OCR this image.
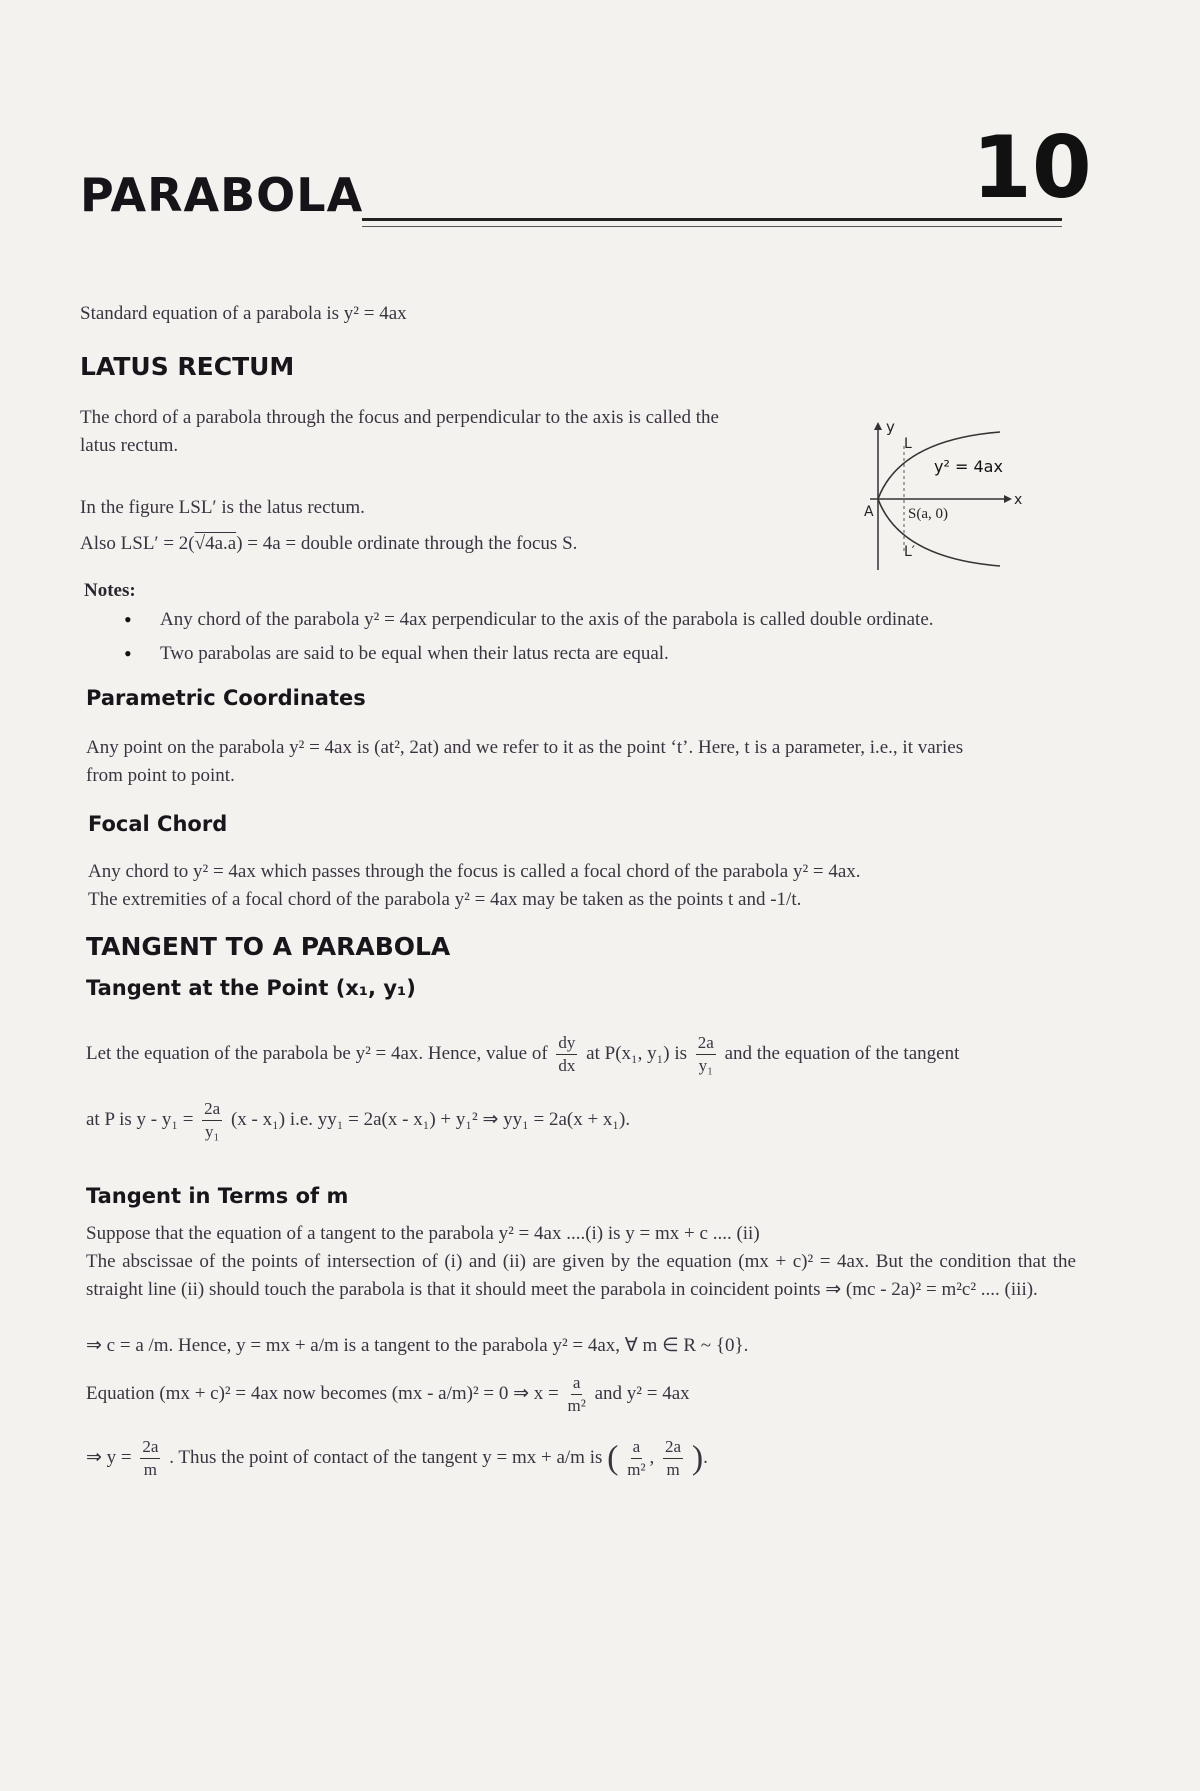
PARABOLA	10
Standard equation of a parabola is y² = 4ax
LATUS RECTUM
The chord of a parabola through the focus and perpendicular to the axis is called the
latus rectum.
In the figure LSL′ is the latus rectum.
Also LSL′ = 2(√4a.a) = 4a = double ordinate through the focus S.
y
L
y² = 4ax
x
A S(a, 0)
L′
Notes:
• Any chord of the parabola y² = 4ax perpendicular to the axis of the parabola is called double ordinate.
• Two parabolas are said to be equal when their latus recta are equal.
Parametric Coordinates
Any point on the parabola y² = 4ax is (at², 2at) and we refer to it as the point ‘t’. Here, t is a parameter, i.e., it varies
from point to point.
Focal Chord
Any chord to y² = 4ax which passes through the focus is called a focal chord of the parabola y² = 4ax.
The extremities of a focal chord of the parabola y² = 4ax may be taken as the points t and -1/t.
TANGENT TO A PARABOLA
Tangent at the Point (x₁, y₁)
Let the equation of the parabola be y² = 4ax. Hence, value of $\frac{dy}{dx}$ at P(x₁, y₁) is $\frac{2a}{\text{y₁}}$ and the equation of the tangent
at P is $y - y_1 = \frac{2a}{\text{y₁}} (x - x_1)$ i.e. yy₁ = 2a(x - x₁) + y₁² ⇒ yy₁ = 2a(x + x₁).
Tangent in Terms of m
Suppose that the equation of a tangent to the parabola y² = 4ax ....(i) is y = mx + c .... (ii)
The abscissae of the points of intersection of (i) and (ii) are given by the equation (mx + c)² = 4ax. But the condition that the straight line (ii) should touch the parabola is that it should meet the parabola in coincident points ⇒ (mc - 2a)² = m²c² .... (iii).
⇒ c = a /m. Hence, y = mx + a/m is a tangent to the parabola y² = 4ax, ∀ m ∈ R ~ {0}.
Equation (mx + c)² = 4ax now becomes (mx - a/m)² = 0 ⇒ $x = \frac{a}{\text{m²}}$ and y² = 4ax
⇒ $y = \frac{2a}{m}$ . Thus the point of contact of the tangent y = mx + a/m is ( $\frac{a}{\text{m²}}$ , $\frac{2a}{m}$ ).
